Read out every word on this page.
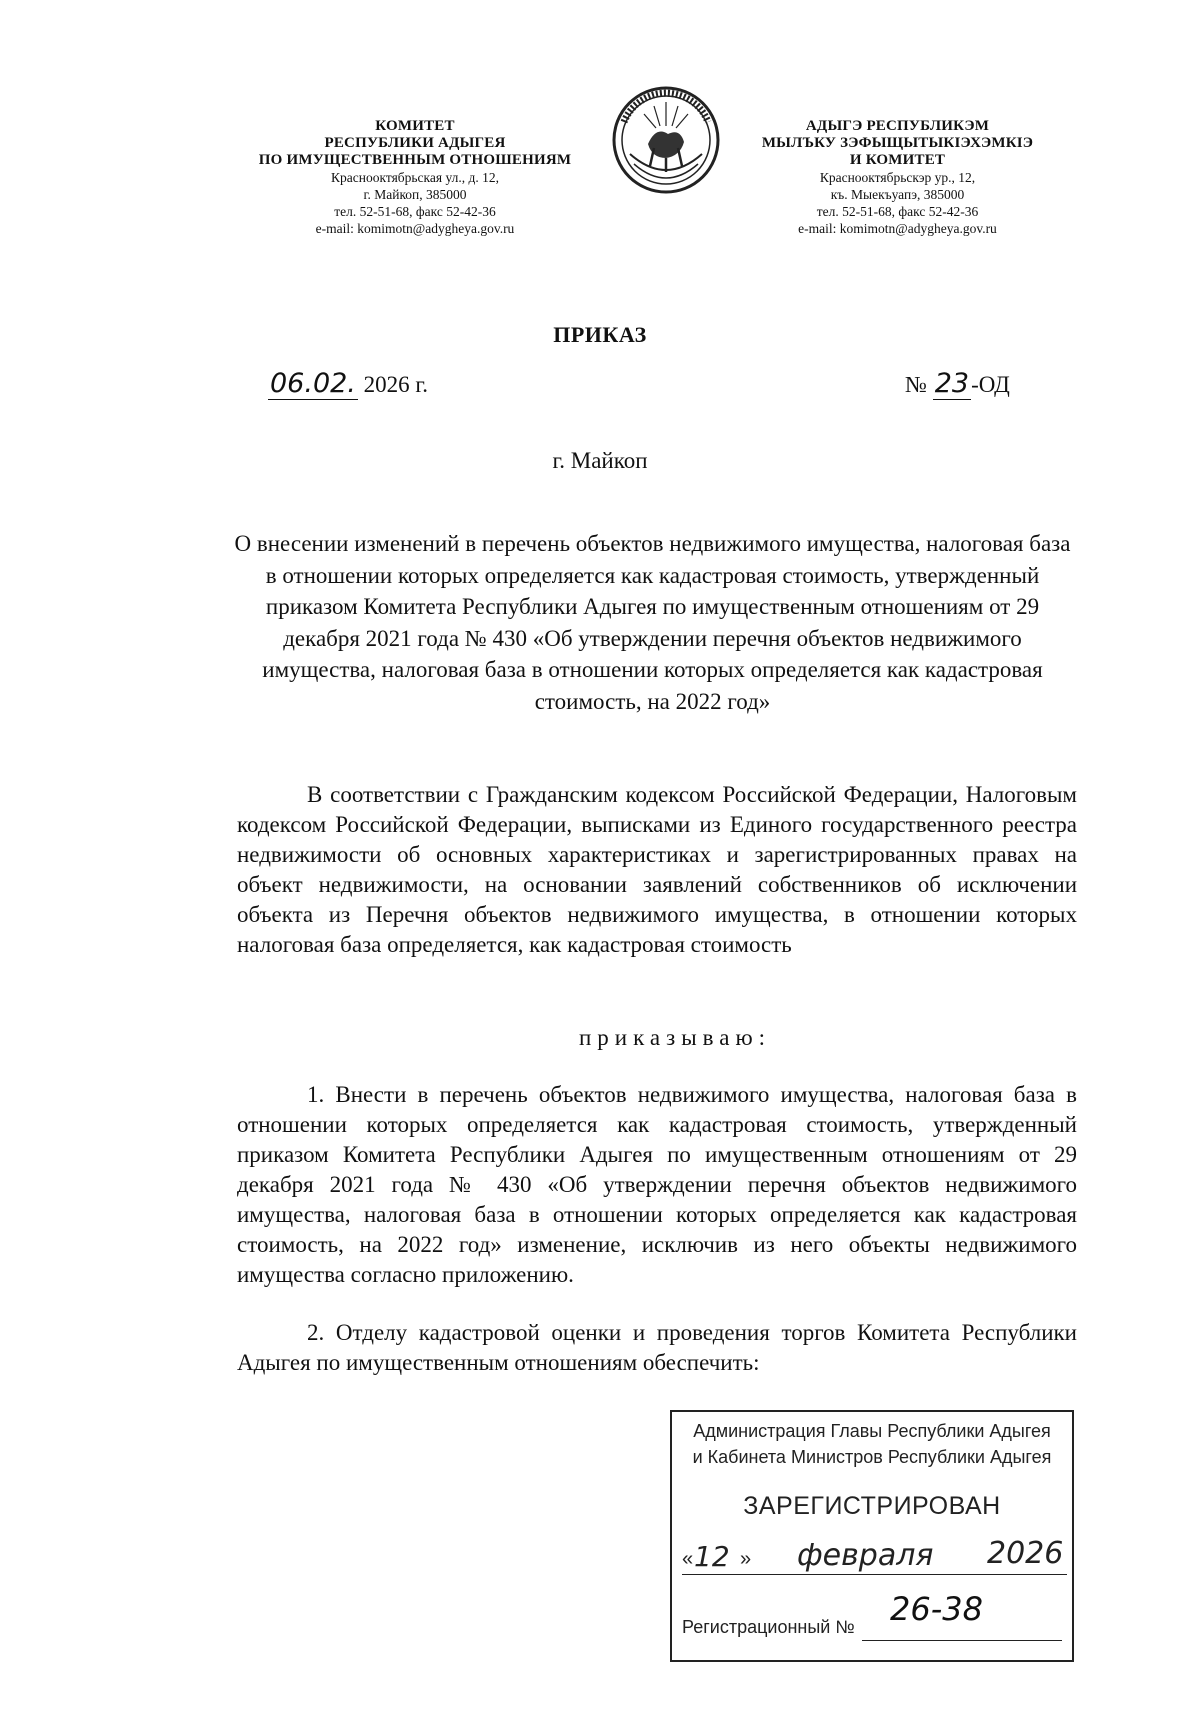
КОМИТЕТ
РЕСПУБЛИКИ АДЫГЕЯ
ПО ИМУЩЕСТВЕННЫМ ОТНОШЕНИЯМ
Краснооктябрьская ул., д. 12,
г. Майкоп, 385000
тел. 52-51-68, факс 52-42-36
e-mail: komimotn@adygheya.gov.ru
АДЫГЭ РЕСПУБЛИКЭМ
МЫЛЪКУ ЗЭФЫЩЫТЫКIЭХЭМКIЭ
И КОМИТЕТ
Краснооктябрьскэр ур., 12,
къ. Мыекъуапэ, 385000
тел. 52-51-68, факс 52-42-36
e-mail: komimotn@adygheya.gov.ru
ПРИКАЗ
06.02. 2026 г.	№ 23-ОД
г. Майкоп
О внесении изменений в перечень объектов недвижимого имущества, налоговая база в отношении которых определяется как кадастровая стоимость, утвержденный приказом Комитета Республики Адыгея по имущественным отношениям от 29 декабря 2021 года № 430 «Об утверждении перечня объектов недвижимого имущества, налоговая база в отношении которых определяется как кадастровая стоимость, на 2022 год»
В соответствии с Гражданским кодексом Российской Федерации, Налоговым кодексом Российской Федерации, выписками из Единого государственного реестра недвижимости об основных характеристиках и зарегистрированных правах на объект недвижимости, на основании заявлений собственников об исключении объекта из Перечня объектов недвижимого имущества, в отношении которых налоговая база определяется, как кадастровая стоимость
приказываю:
1. Внести в перечень объектов недвижимого имущества, налоговая база в отношении которых определяется как кадастровая стоимость, утвержденный приказом Комитета Республики Адыгея по имущественным отношениям от 29 декабря 2021 года № 430 «Об утверждении перечня объектов недвижимого имущества, налоговая база в отношении которых определяется как кадастровая стоимость, на 2022 год» изменение, исключив из него объекты недвижимого имущества согласно приложению.
2. Отделу кадастровой оценки и проведения торгов Комитета Республики Адыгея по имущественным отношениям обеспечить:
Администрация Главы Республики Адыгея
и Кабинета Министров Республики Адыгея
ЗАРЕГИСТРИРОВАН
« 12 » февраля 2026
Регистрационный № 26-38
